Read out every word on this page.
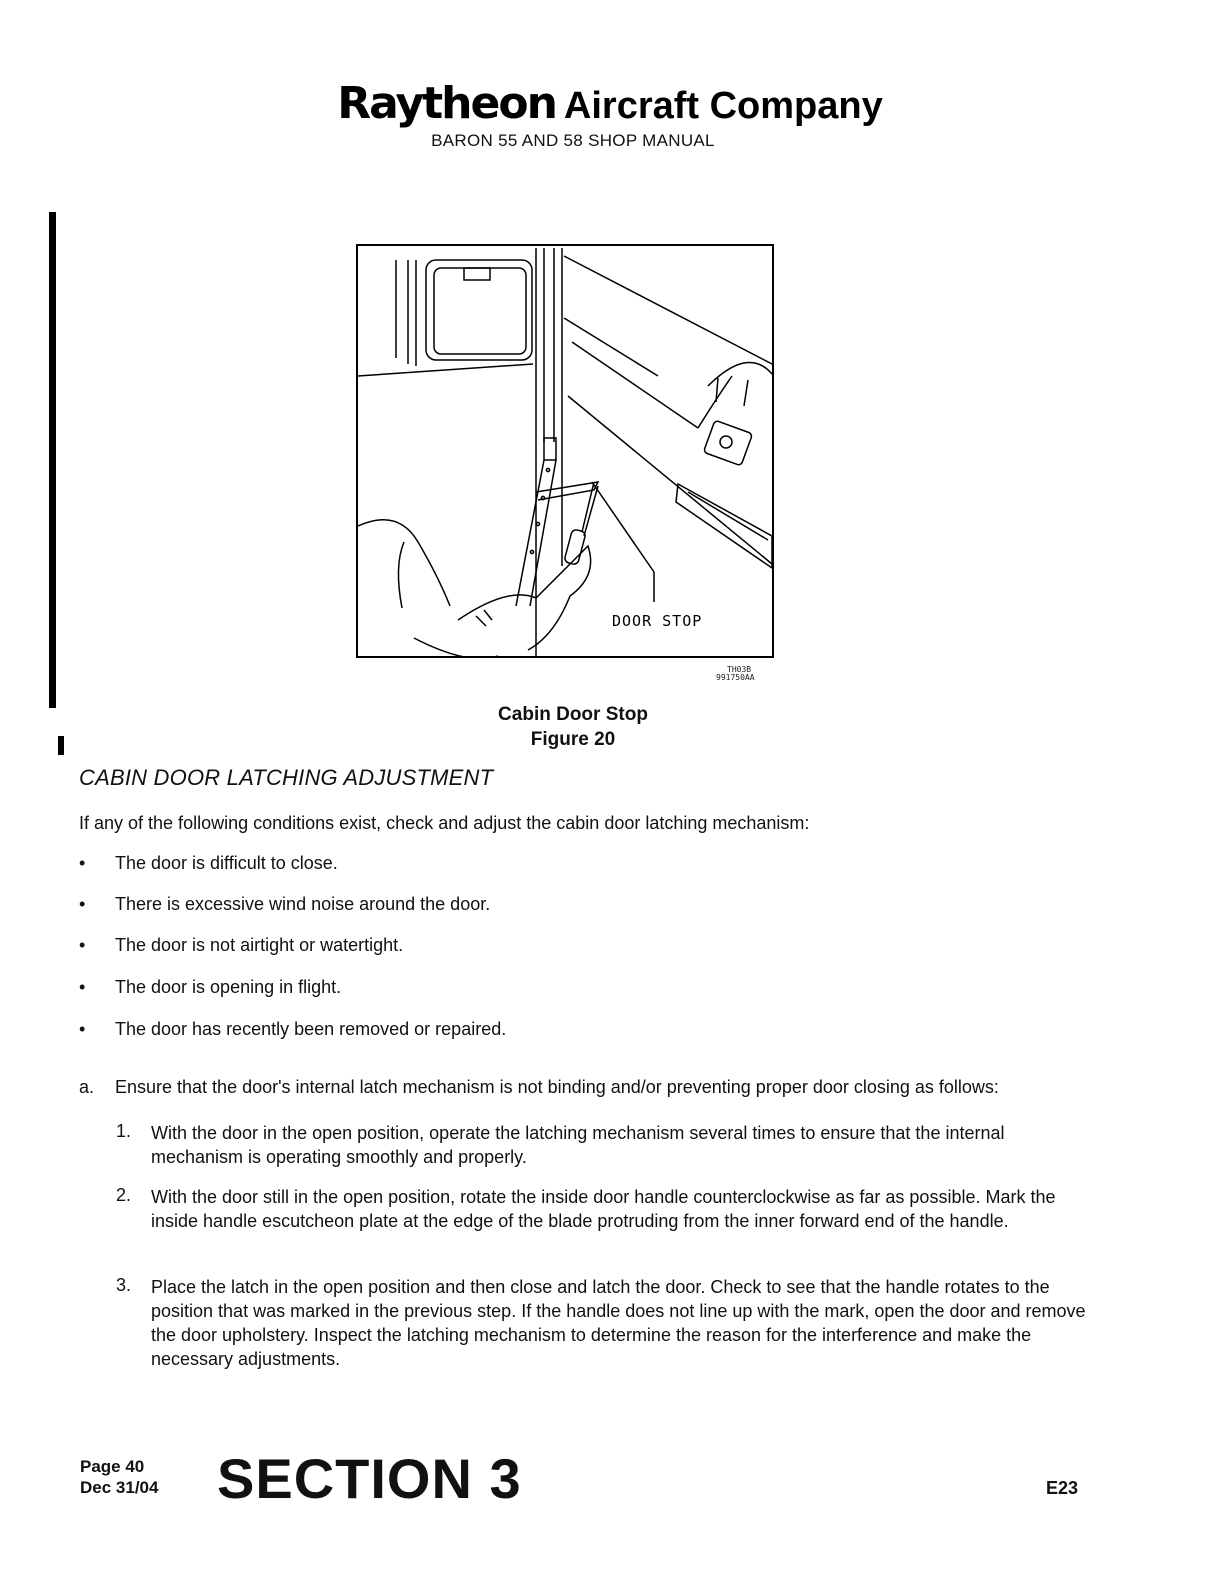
Raytheon Aircraft Company
BARON 55 AND 58 SHOP MANUAL
DOOR STOP
TH03B
991750AA
Cabin Door Stop
Figure 20
CABIN DOOR LATCHING ADJUSTMENT
If any of the following conditions exist, check and adjust the cabin door latching mechanism:
• The door is difficult to close.
• There is excessive wind noise around the door.
• The door is not airtight or watertight.
• The door is opening in flight.
• The door has recently been removed or repaired.
a. Ensure that the door's internal latch mechanism is not binding and/or preventing proper door closing as follows:
1. With the door in the open position, operate the latching mechanism several times to ensure that the internal mechanism is operating smoothly and properly.
2. With the door still in the open position, rotate the inside door handle counterclockwise as far as possible. Mark the inside handle escutcheon plate at the edge of the blade protruding from the inner forward end of the handle.
3. Place the latch in the open position and then close and latch the door. Check to see that the handle rotates to the position that was marked in the previous step. If the handle does not line up with the mark, open the door and remove the door upholstery. Inspect the latching mechanism to determine the reason for the interference and make the necessary adjustments.
Page 40
Dec 31/04 SECTION 3	E23
